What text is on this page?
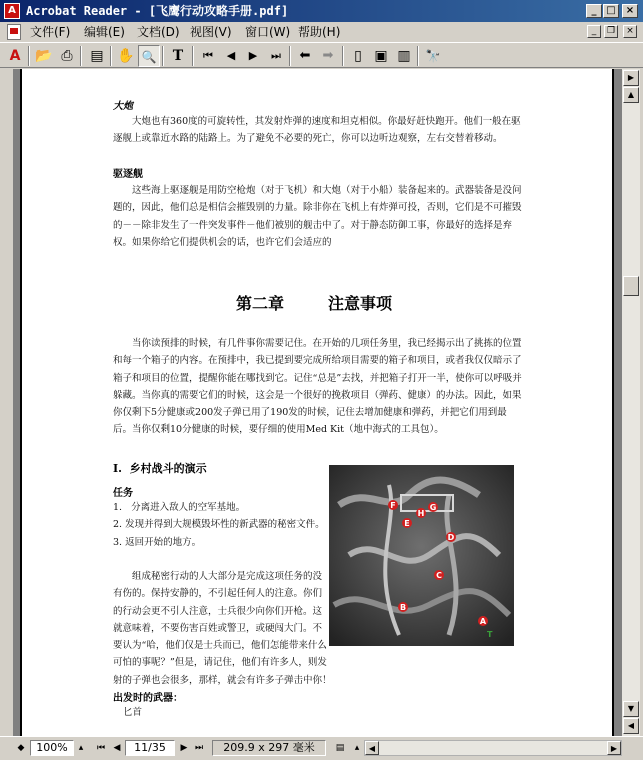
A Acrobat Reader - [飞鹰行动攻略手册.pdf]	_ □	×
文件(F) 编辑(E) 文档(D) 视图(V) 窗口(W) 帮助(H)	_	❐	×
A	📂 ⎙	▤ ✋ 🔍	T	⏮	◀	▶	⏭	⬅ ➡	▯ ▣ ▥	🔭
大炮

大炮也有360度的可旋转性，其发射炸弹的速度和坦克相似。你最好赶快跑开。他们一般在驱逐舰上或靠近水路的陆路上。为了避免不必要的死亡，你可以边听边观察，左右交替着移动。

驱逐舰

这些海上驱逐舰是用防空枪炮（对于飞机）和大炮（对于小船）装备起来的。武器装备是没问题的，因此，他们总是相信会摧毁别的力量。除非你在飞机上有炸弹可投，否则，它们是不可摧毁的－－除非发生了一件突发事件－他们被别的舰击中了。对于静态防御工事，你最好的选择是弃权。如果你给它们提供机会的话，也许它们会适应的

第二章	注意事项

当你读预排的时候，有几件事你需要记住。在开始的几项任务里，我已经揭示出了挑拣的位置和每一个箱子的内容。在预排中，我已提到要完成所给项目需要的箱子和项目，或者我仅仅暗示了箱子和项目的位置，提醒你能在哪找到它。记住“总是”去找，并把箱子打开一半，使你可以呼吸并躲藏。当你真的需要它们的时候，这会是一个很好的挽救项目（弹药、健康）的办法。因此，如果你仅剩下5分健康或200发子弹已用了190发的时候，记住去增加健康和弹药，并把它们用到最后。当你仅剩10分健康的时候，要仔细的使用Med Kit（地中海式的工具包）。

I.  乡村战斗的演示
任务
1.   分离进入敌人的空军基地。
2. 发现并得到大规模毁坏性的新武器的秘密文件。
3. 返回开始的地方。

组成秘密行动的人大部分是完成这项任务的没有伤的。保持安静的，不引起任何人的注意。你们的行动会更不引人注意，士兵很少向你们开枪。这就意味着，不要伤害百姓或警卫，或硬闯大门。不要认为“哈，他们仅是士兵而已，他们怎能带来什么可怕的事呢？”但是，请记住，他们有许多人，则发射的子弹也会很多，那样，就会有许多子弹击中你！

F
H
G
E
D
C
B
A
T
出发时的武器：
匕首
▶
▲
▼
◀
◆	100%	▴	⏮ ◀	11/35	▶ ⏭	209.9 x 297 毫米	▤	▴	◀	▶
